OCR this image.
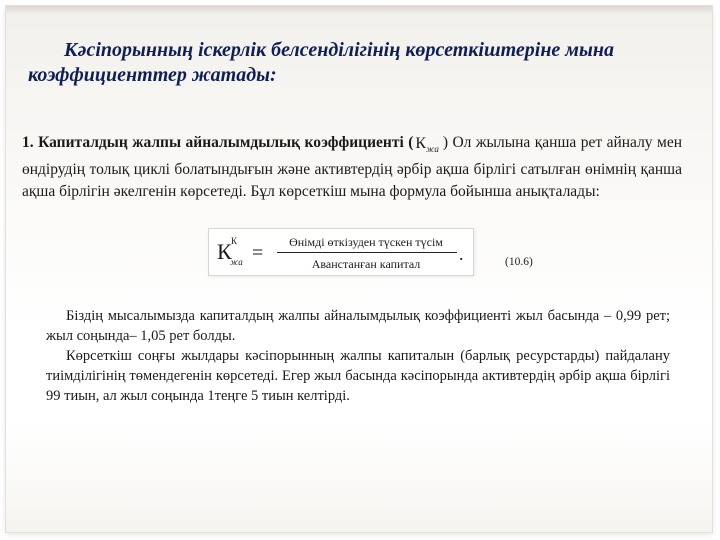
Кәсіпорынның іскерлік белсенділігінің көрсеткіштеріне мына коэффициенттер жатады:
1. Капиталдың жалпы айналымдылық коэффициенті ( $К_{жа}$ ) Ол жылына қанша рет айналу мен өндірудің толық циклі болатындығын және активтердің әрбір ақша бірлігі сатылған өнімнің қанша ақша бірлігін әкелгенін көрсетеді. Бұл көрсеткіш мына формула бойынша анықталады:
К К
жа =	Өнімді өткізуден түскен түсім
Аванстанған капитал	.	(10.6)
Біздің мысалымызда капиталдың жалпы айналымдылық коэффициенті жыл басында – 0,99 рет; жыл соңында– 1,05 рет болды.
Көрсеткіш соңғы жылдары кәсіпорынның жалпы капиталын (барлық ресурстарды) пайдалану тиімділігінің төмендегенін көрсетеді. Егер жыл басында кәсіпорында активтердің әрбір ақша бірлігі 99 тиын, ал жыл соңында 1теңге 5 тиын келтірді.
